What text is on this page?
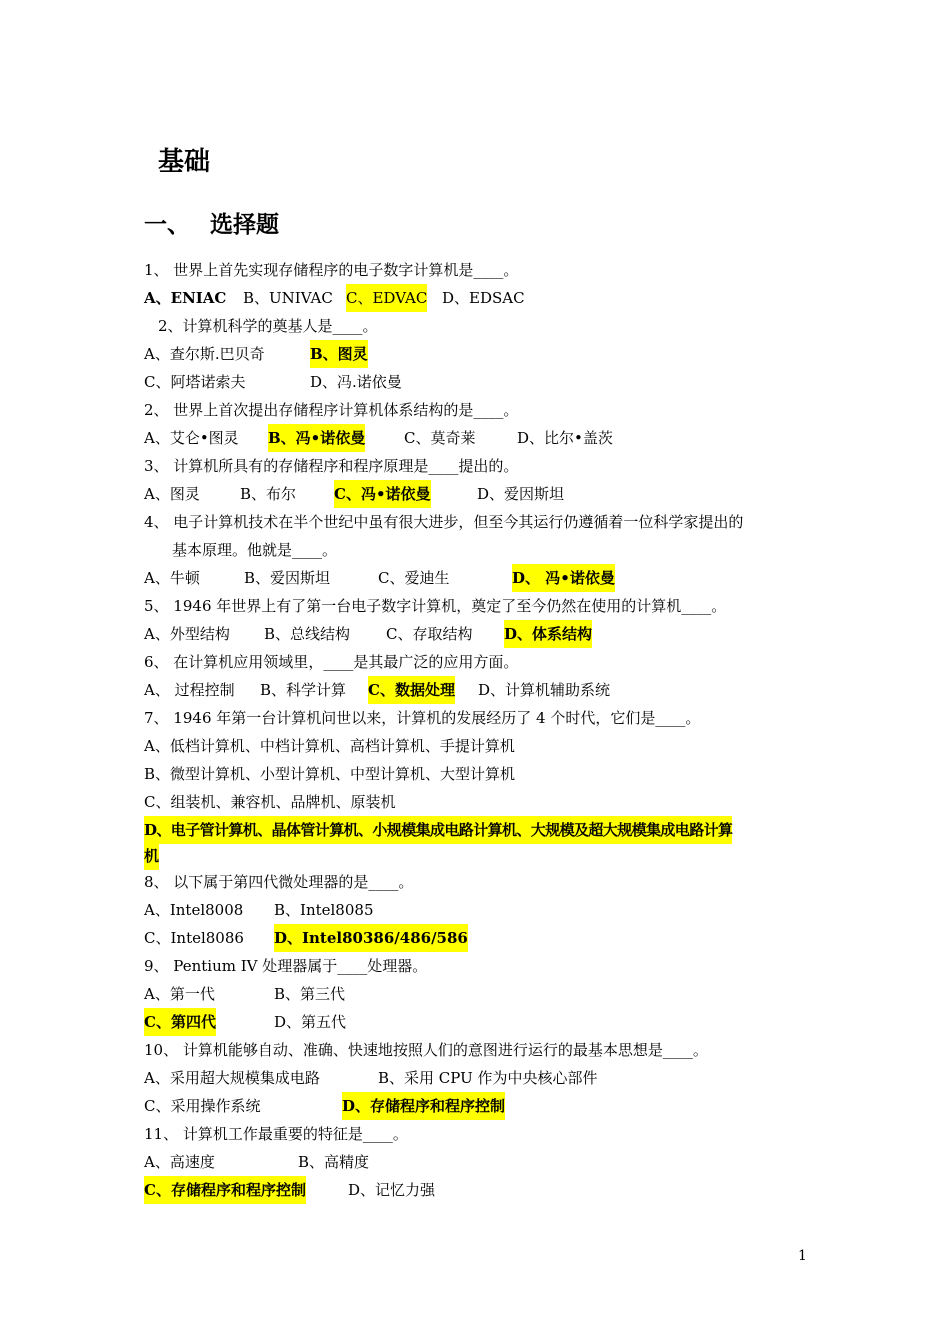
基础
一、 选择题
1、 世界上首先实现存储程序的电子数字计算机是____。
A、ENIAC B、UNIVAC C、EDVAC D、EDSAC
2、计算机科学的奠基人是____。
A、查尔斯.巴贝奇	B、图灵
C、阿塔诺索夫	D、冯.诺依曼
2、 世界上首次提出存储程序计算机体系结构的是____。
A、艾仑•图灵 B、冯•诺依曼	C、莫奇莱	D、比尔•盖茨
3、 计算机所具有的存储程序和程序原理是____提出的。
A、图灵	B、布尔	C、冯•诺依曼	D、爱因斯坦
4、 电子计算机技术在半个世纪中虽有很大进步，但至今其运行仍遵循着一位科学家提出的
基本原理。他就是____。
A、牛顿	B、爱因斯坦	C、爱迪生	D、 冯•诺依曼
5、 1946 年世界上有了第一台电子数字计算机，奠定了至今仍然在使用的计算机____。
A、外型结构 B、总线结构 C、存取结构 D、体系结构
6、 在计算机应用领域里，____是其最广泛的应用方面。
A、 过程控制 B、科学计算 C、数据处理 D、计算机辅助系统
7、 1946 年第一台计算机问世以来，计算机的发展经历了 4 个时代，它们是____。
A、低档计算机、中档计算机、高档计算机、手提计算机
B、微型计算机、小型计算机、中型计算机、大型计算机
C、组装机、兼容机、品牌机、原装机
D、电子管计算机、晶体管计算机、小规模集成电路计算机、大规模及超大规模集成电路计算
机
8、 以下属于第四代微处理器的是____。
A、Intel8008 B、Intel8085
C、Intel8086 D、Intel80386/486/586
9、 Pentium IV 处理器属于____处理器。
A、第一代	B、第三代
C、第四代	D、第五代
10、 计算机能够自动、准确、快速地按照人们的意图进行运行的最基本思想是____。
A、采用超大规模集成电路	B、采用 CPU 作为中央核心部件
C、采用操作系统	D、存储程序和程序控制
11、 计算机工作最重要的特征是____。
A、高速度	B、高精度
C、存储程序和程序控制	D、记忆力强
1
